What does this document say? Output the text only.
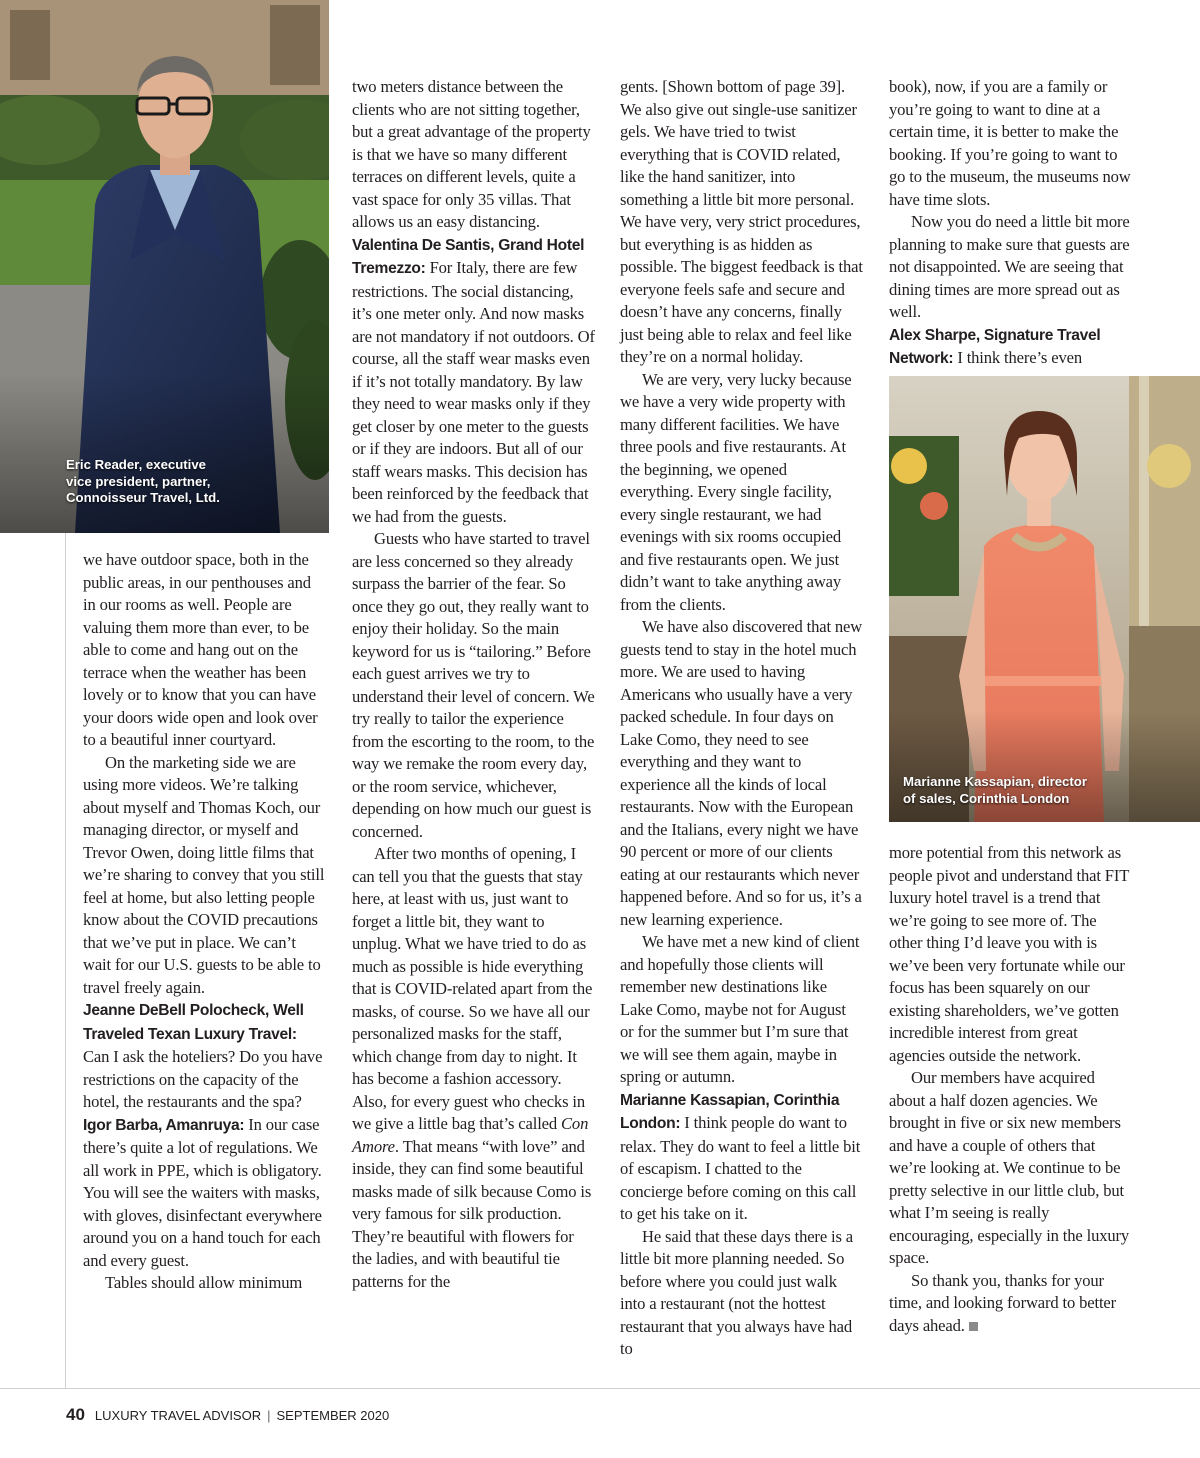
Eric Reader, executive
vice president, partner,
Connoisseur Travel, Ltd.
Marianne Kassapian, director
of sales, Corinthia London

we have outdoor space, both in the public areas, in our penthouses and in our rooms as well. People are valuing them more than ever, to be able to come and hang out on the terrace when the weather has been lovely or to know that you can have your doors wide open and look over to a beautiful inner courtyard.

On the marketing side we are using more videos. We’re talking about myself and Thomas Koch, our managing director, or myself and Trevor Owen, doing little films that we’re sharing to convey that you still feel at home, but also letting people know about the COVID precautions that we’ve put in place. We can’t wait for our U.S. guests to be able to travel freely again.

Jeanne DeBell Polocheck, Well Traveled Texan Luxury Travel: Can I ask the hoteliers? Do you have restrictions on the capacity of the hotel, the restaurants and the spa?

Igor Barba, Amanruya: In our case there’s quite a lot of regulations. We all work in PPE, which is obligatory. You will see the waiters with masks, with gloves, disinfectant everywhere around you on a hand touch for each and every guest.

Tables should allow minimum

two meters distance between the clients who are not sitting together, but a great advantage of the property is that we have so many different terraces on different levels, quite a vast space for only 35 villas. That allows us an easy distancing.

Valentina De Santis, Grand Hotel Tremezzo: For Italy, there are few restrictions. The social distancing, it’s one meter only. And now masks are not mandatory if not outdoors. Of course, all the staff wear masks even if it’s not totally mandatory. By law they need to wear masks only if they get closer by one meter to the guests or if they are indoors. But all of our staff wears masks. This decision has been reinforced by the feedback that we had from the guests.

Guests who have started to travel are less concerned so they already surpass the barrier of the fear. So once they go out, they really want to enjoy their holiday. So the main keyword for us is “tailoring.” Before each guest arrives we try to understand their level of concern. We try really to tailor the experience from the escorting to the room, to the way we remake the room every day, or the room service, whichever, depending on how much our guest is concerned.

After two months of opening, I can tell you that the guests that stay here, at least with us, just want to forget a little bit, they want to unplug. What we have tried to do as much as possible is hide everything that is COVID-related apart from the masks, of course. So we have all our personalized masks for the staff, which change from day to night. It has become a fashion accessory. Also, for every guest who checks in we give a little bag that’s called Con Amore. That means “with love” and inside, they can find some beautiful masks made of silk because Como is very famous for silk production. They’re beautiful with flowers for the ladies, and with beautiful tie patterns for the

gents. [Shown bottom of page 39]. We also give out single-use sanitizer gels. We have tried to twist everything that is COVID related, like the hand sanitizer, into something a little bit more personal. We have very, very strict procedures, but everything is as hidden as possible. The biggest feedback is that everyone feels safe and secure and doesn’t have any concerns, finally just being able to relax and feel like they’re on a normal holiday.

We are very, very lucky because we have a very wide property with many different facilities. We have three pools and five restaurants. At the beginning, we opened everything. Every single facility, every single restaurant, we had evenings with six rooms occupied and five restaurants open. We just didn’t want to take anything away from the clients.

We have also discovered that new guests tend to stay in the hotel much more. We are used to having Americans who usually have a very packed schedule. In four days on Lake Como, they need to see everything and they want to experience all the kinds of local restaurants. Now with the European and the Italians, every night we have 90 percent or more of our clients eating at our restaurants which never happened before. And so for us, it’s a new learning experience.

We have met a new kind of client and hopefully those clients will remember new destinations like Lake Como, maybe not for August or for the summer but I’m sure that we will see them again, maybe in spring or autumn.

Marianne Kassapian, Corinthia London: I think people do want to relax. They do want to feel a little bit of escapism. I chatted to the concierge before coming on this call to get his take on it.

He said that these days there is a little bit more planning needed. So before where you could just walk into a restaurant (not the hottest restaurant that you always have had to

book), now, if you are a family or you’re going to want to dine at a certain time, it is better to make the booking. If you’re going to want to go to the museum, the museums now have time slots.

Now you do need a little bit more planning to make sure that guests are not disappointed. We are seeing that dining times are more spread out as well.

Alex Sharpe, Signature Travel Network: I think there’s even

more potential from this network as people pivot and understand that FIT luxury hotel travel is a trend that we’re going to see more of. The other thing I’d leave you with is we’ve been very fortunate while our focus has been squarely on our existing shareholders, we’ve gotten incredible interest from great agencies outside the network.

Our members have acquired about a half dozen agencies. We brought in five or six new members and have a couple of others that we’re looking at. We continue to be pretty selective in our little club, but what I’m seeing is really encouraging, especially in the luxury space.

So thank you, thanks for your time, and looking forward to better days ahead.

40 LUXURY TRAVEL ADVISOR | SEPTEMBER 2020
